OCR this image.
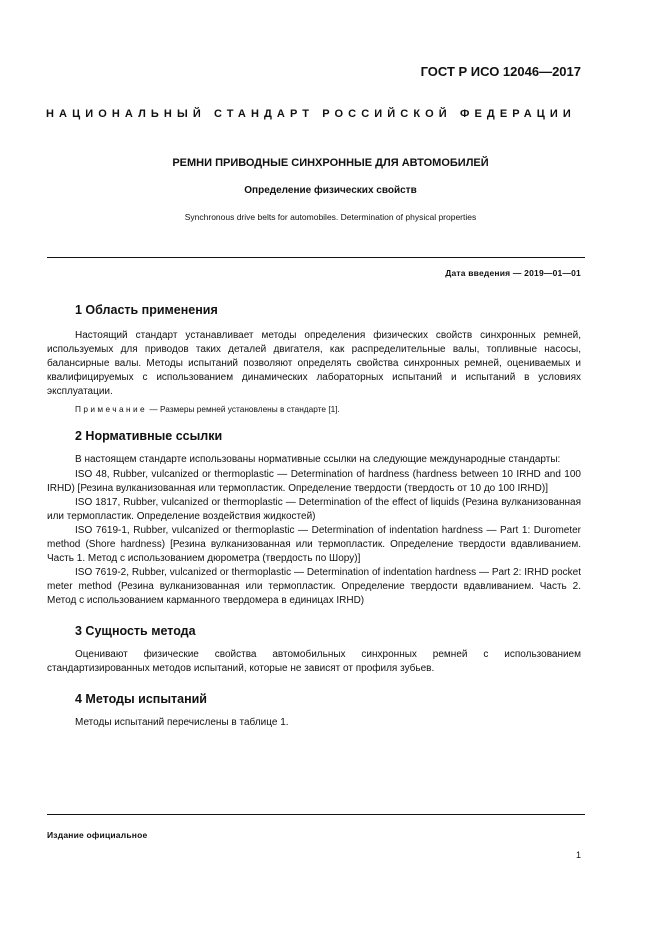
ГОСТ Р ИСО 12046—2017
НАЦИОНАЛЬНЫЙ СТАНДАРТ РОССИЙСКОЙ ФЕДЕРАЦИИ
РЕМНИ ПРИВОДНЫЕ СИНХРОННЫЕ ДЛЯ АВТОМОБИЛЕЙ
Определение физических свойств
Synchronous drive belts for automobiles. Determination of physical properties
Дата введения — 2019—01—01
1 Область применения

Настоящий стандарт устанавливает методы определения физических свойств синхронных ремней, используемых для приводов таких деталей двигателя, как распределительные валы, топливные насосы, балансирные валы. Методы испытаний позволяют определять свойства синхронных ремней, оцениваемых и квалифицируемых с использованием динамических лабораторных испытаний и испытаний в условиях эксплуатации.

Примечание — Размеры ремней установлены в стандарте [1].
2 Нормативные ссылки

В настоящем стандарте использованы нормативные ссылки на следующие международные стандарты:

ISO 48, Rubber, vulcanized or thermoplastic — Determination of hardness (hardness between 10 IRHD and 100 IRHD) [Резина вулканизованная или термопластик. Определение твердости (твердость от 10 до 100 IRHD)]

ISO 1817, Rubber, vulcanized or thermoplastic — Determination of the effect of liquids (Резина вулканизованная или термопластик. Определение воздействия жидкостей)

ISO 7619-1, Rubber, vulcanized or thermoplastic — Determination of indentation hardness — Part 1: Durometer method (Shore hardness) [Резина вулканизованная или термопластик. Определение твердости вдавливанием. Часть 1. Метод с использованием дюрометра (твердость по Шору)]

ISO 7619-2, Rubber, vulcanized or thermoplastic — Determination of indentation hardness — Part 2: IRHD pocket meter method (Резина вулканизованная или термопластик. Определение твердости вдавливанием. Часть 2. Метод с использованием карманного твердомера в единицах IRHD)

3 Сущность метода

Оценивают физические свойства автомобильных синхронных ремней с использованием стандартизированных методов испытаний, которые не зависят от профиля зубьев.

4 Методы испытаний

Методы испытаний перечислены в таблице 1.

Издание официальное
1
